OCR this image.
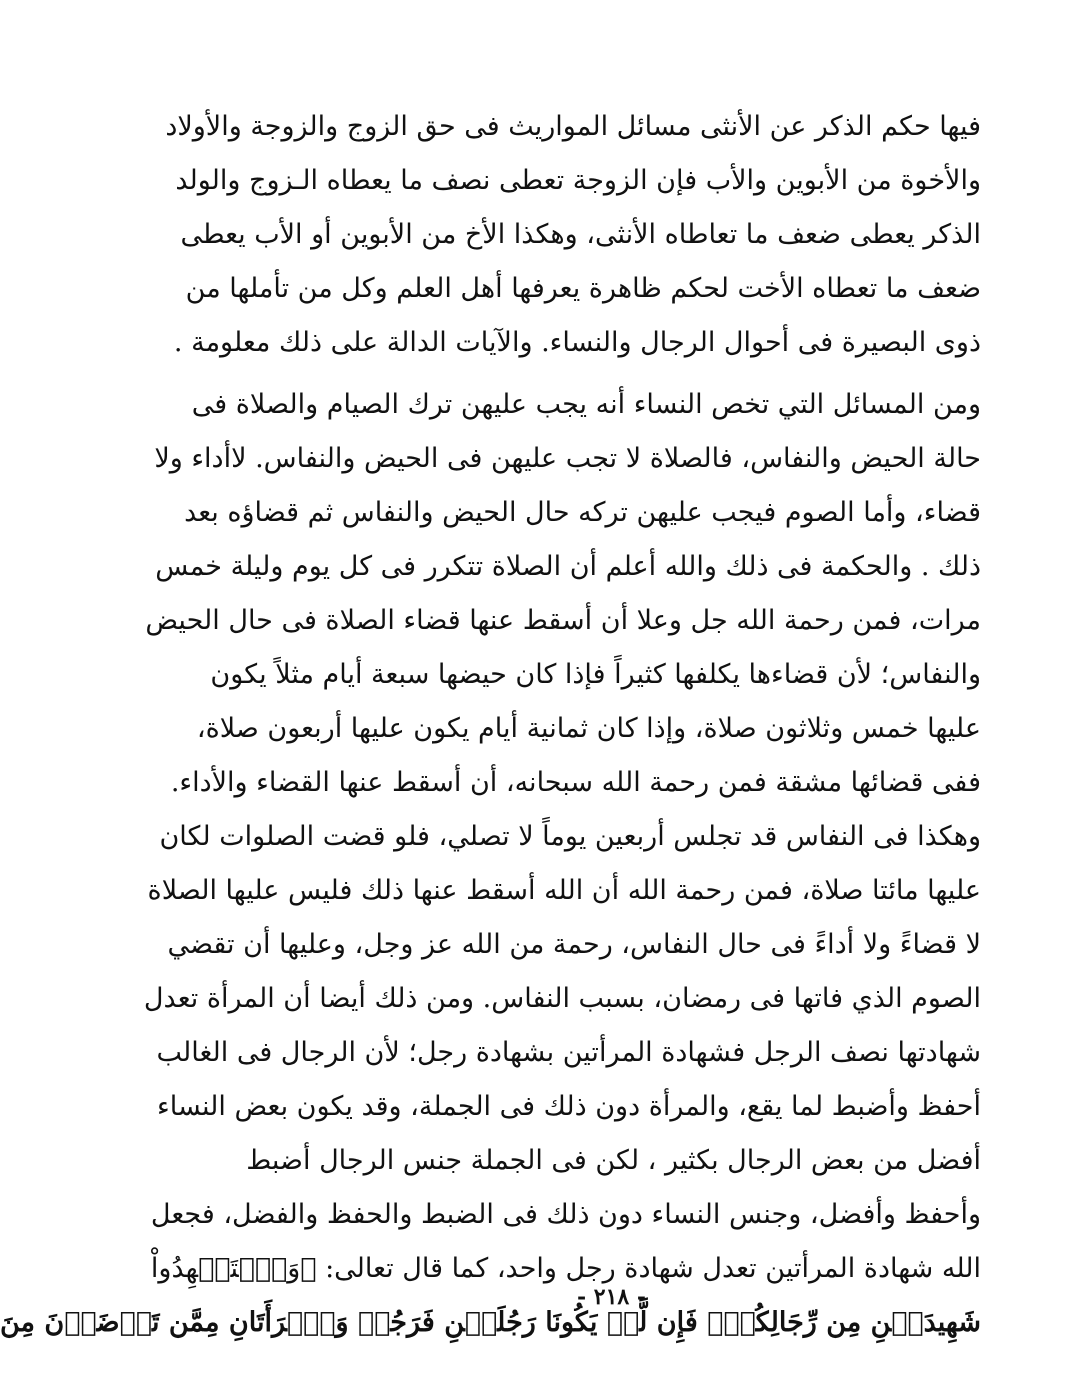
فيها حكم الذكر عن الأنثى مسائل المواريث فى حق الزوج والزوجة والأولاد
والأخوة من الأبوين والأب فإن الزوجة تعطى نصف ما يعطاه الـزوج والولد
الذكر يعطى ضعف ما تعاطاه الأنثى، وهكذا الأخ من الأبوين أو الأب يعطى
ضعف ما تعطاه الأخت لحكم ظاهرة يعرفها أهل العلم وكل من تأملها من
ذوى البصيرة فى أحوال الرجال والنساء. والآيات الدالة على ذلك معلومة .
ومن المسائل التي تخص النساء أنه يجب عليهن ترك الصيام والصلاة فى
حالة الحيض والنفاس، فالصلاة لا تجب عليهن فى الحيض والنفاس. لاأداء ولا
قضاء، وأما الصوم فيجب عليهن تركه حال الحيض والنفاس ثم قضاؤه بعد
ذلك . والحكمة فى ذلك والله أعلم أن الصلاة تتكرر فى كل يوم وليلة خمس
مرات، فمن رحمة الله جل وعلا أن أسقط عنها قضاء الصلاة فى حال الحيض
والنفاس؛ لأن قضاءها يكلفها كثيراً فإذا كان حيضها سبعة أيام مثلاً يكون
عليها خمس وثلاثون صلاة، وإذا كان ثمانية أيام يكون عليها أربعون صلاة،
ففى قضائها مشقة فمن رحمة الله سبحانه، أن أسقط عنها القضاء والأداء.
وهكذا فى النفاس قد تجلس أربعين يوماً لا تصلي، فلو قضت الصلوات لكان
عليها مائتا صلاة، فمن رحمة الله أن الله أسقط عنها ذلك فليس عليها الصلاة
لا قضاءً ولا أداءً فى حال النفاس، رحمة من الله عز وجل، وعليها أن تقضي
الصوم الذي فاتها فى رمضان، بسبب النفاس. ومن ذلك أيضا أن المرأة تعدل
شهادتها نصف الرجل فشهادة المرأتين بشهادة رجل؛ لأن الرجال فى الغالب
أحفظ وأضبط لما يقع، والمرأة دون ذلك فى الجملة، وقد يكون بعض النساء
أفضل من بعض الرجال بكثير ، لكن فى الجملة جنس الرجال أضبط
وأحفظ وأفضل، وجنس النساء دون ذلك فى الضبط والحفظ والفضل، فجعل
الله شهادة المرأتين تعدل شهادة رجل واحد، كما قال تعالى: ﴿وَٱسۡتَشۡهِدُواْ
شَهِيدَيۡنِ مِن رِّجَالِكُمۡۖ فَإِن لَّمۡ يَكُونَا رَجُلَيۡنِ فَرَجُلٞ وَٱمۡرَأَتَانِ مِمَّن تَرۡضَوۡنَ مِنَ
- ٢١٨ -
